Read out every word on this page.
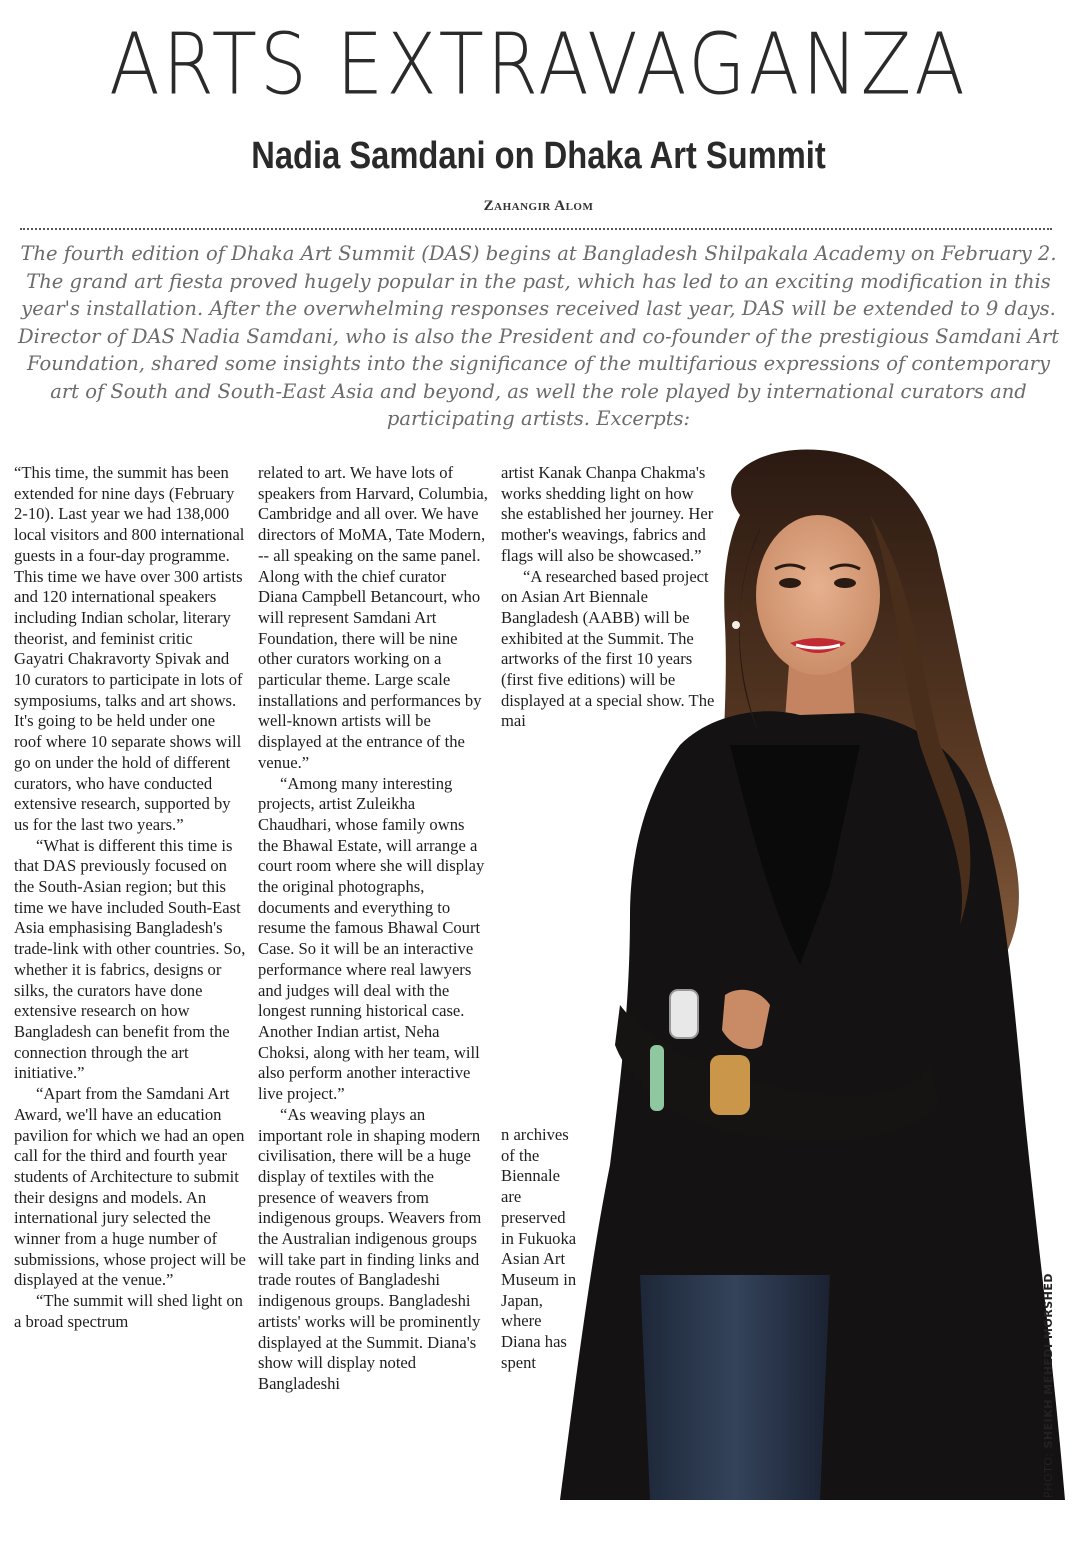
ARTS EXTRAVAGANZA
Nadia Samdani on Dhaka Art Summit
Zahangir Alom

The fourth edition of Dhaka Art Summit (DAS) begins at Bangladesh Shilpakala Academy on February 2. The grand art fiesta proved hugely popular in the past, which has led to an exciting modification in this year's installation. After the overwhelming responses received last year, DAS will be extended to 9 days. Director of DAS Nadia Samdani, who is also the President and co-founder of the prestigious Samdani Art Foundation, shared some insights into the significance of the multifarious expressions of contemporary art of South and South-East Asia and beyond, as well the role played by international curators and participating artists. Excerpts:

“This time, the summit has been extended for nine days (February 2-10). Last year we had 138,000 local visitors and 800 international guests in a four-day programme. This time we have over 300 artists and 120 international speakers including Indian scholar, literary theorist, and feminist critic Gayatri Chakravorty Spivak and 10 curators to participate in lots of symposiums, talks and art shows. It's going to be held under one roof where 10 separate shows will go on under the hold of different curators, who have conducted extensive research, supported by us for the last two years.”

“What is different this time is that DAS previously focused on the South-Asian region; but this time we have included South-East Asia emphasising Bangladesh's trade-link with other countries. So, whether it is fabrics, designs or silks, the curators have done extensive research on how Bangladesh can benefit from the connection through the art initiative.”

“Apart from the Samdani Art Award, we'll have an education pavilion for which we had an open call for the third and fourth year students of Architecture to submit their designs and models. An international jury selected the winner from a huge number of submissions, whose project will be displayed at the venue.”

“The summit will shed light on a broad spectrum

related to art. We have lots of speakers from Harvard, Columbia, Cambridge and all over. We have directors of MoMA, Tate Modern, -- all speaking on the same panel. Along with the chief curator Diana Campbell Betancourt, who will represent Samdani Art Foundation, there will be nine other curators working on a particular theme. Large scale installations and performances by well-known artists will be displayed at the entrance of the venue.”

“Among many interesting projects, artist Zuleikha Chaudhari, whose family owns the Bhawal Estate, will arrange a court room where she will display the original photographs, documents and everything to resume the famous Bhawal Court Case. So it will be an interactive performance where real lawyers and judges will deal with the longest running historical case. Another Indian artist, Neha Choksi, along with her team, will also perform another interactive live project.”

“As weaving plays an important role in shaping modern civilisation, there will be a huge display of textiles with the presence of weavers from indigenous groups. Weavers from the Australian indigenous groups will take part in finding links and trade routes of Bangladeshi indigenous groups. Bangladeshi artists' works will be prominently displayed at the Summit. Diana's show will display noted Bangladeshi

artist Kanak Chanpa Chakma's works shedding light on how she established her journey. Her mother's weavings, fabrics and flags will also be showcased.”

“A researched based project on Asian Art Biennale Bangladesh (AABB) will be exhibited at the Summit. The artworks of the first 10 years (first five editions) will be displayed at a special show. The mai

n archives of the Biennale are preserved in Fukuoka Asian Art Museum in Japan, where Diana has spent

PHOTO: SHEIKH MEHEDI MORSHED
